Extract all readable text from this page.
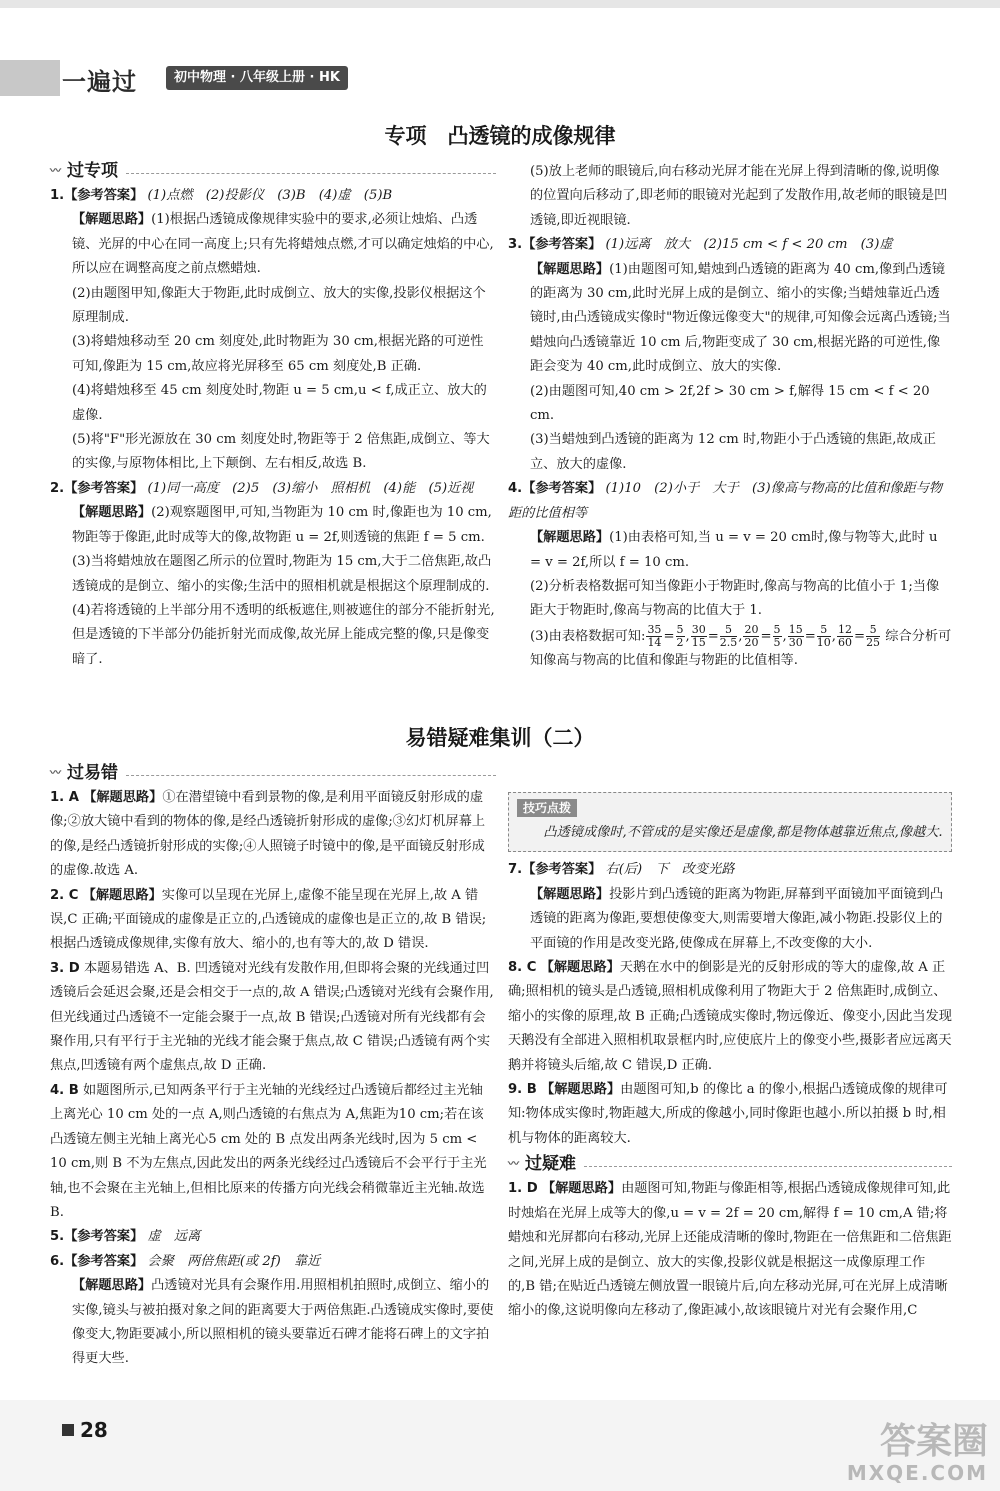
一遍过	初中物理 · 八年级上册 · HK
专项　凸透镜的成像规律
〰 过专项

1.【参考答案】 (1)点燃　(2)投影仪　(3)B　(4)虚　(5)B

【解题思路】(1)根据凸透镜成像规律实验中的要求,必须让烛焰、凸透镜、光屏的中心在同一高度上;只有先将蜡烛点燃,才可以确定烛焰的中心,所以应在调整高度之前点燃蜡烛.

(2)由题图甲知,像距大于物距,此时成倒立、放大的实像,投影仪根据这个原理制成.

(3)将蜡烛移动至 20 cm 刻度处,此时物距为 30 cm,根据光路的可逆性可知,像距为 15 cm,故应将光屏移至 65 cm 刻度处,B 正确.

(4)将蜡烛移至 45 cm 刻度处时,物距 u = 5 cm,u < f,成正立、放大的虚像.

(5)将"F"形光源放在 30 cm 刻度处时,物距等于 2 倍焦距,成倒立、等大的实像,与原物体相比,上下颠倒、左右相反,故选 B.

2.【参考答案】 (1)同一高度　(2)5　(3)缩小　照相机　(4)能　(5)近视

【解题思路】(2)观察题图甲,可知,当物距为 10 cm 时,像距也为 10 cm,物距等于像距,此时成等大的像,故物距 u = 2f,则透镜的焦距 f = 5 cm.

(3)当将蜡烛放在题图乙所示的位置时,物距为 15 cm,大于二倍焦距,故凸透镜成的是倒立、缩小的实像;生活中的照相机就是根据这个原理制成的.

(4)若将透镜的上半部分用不透明的纸板遮住,则被遮住的部分不能折射光,但是透镜的下半部分仍能折射光而成像,故光屏上能成完整的像,只是像变暗了.

(5)放上老师的眼镜后,向右移动光屏才能在光屏上得到清晰的像,说明像的位置向后移动了,即老师的眼镜对光起到了发散作用,故老师的眼镜是凹透镜,即近视眼镜.

3.【参考答案】 (1)远离　放大　(2)15 cm < f < 20 cm　(3)虚

【解题思路】(1)由题图可知,蜡烛到凸透镜的距离为 40 cm,像到凸透镜的距离为 30 cm,此时光屏上成的是倒立、缩小的实像;当蜡烛靠近凸透镜时,由凸透镜成实像时"物近像远像变大"的规律,可知像会远离凸透镜;当蜡烛向凸透镜靠近 10 cm 后,物距变成了 30 cm,根据光路的可逆性,像距会变为 40 cm,此时成倒立、放大的实像.

(2)由题图可知,40 cm > 2f,2f > 30 cm > f,解得 15 cm < f < 20 cm.

(3)当蜡烛到凸透镜的距离为 12 cm 时,物距小于凸透镜的焦距,故成正立、放大的虚像.

4.【参考答案】 (1)10　(2)小于　大于　(3)像高与物高的比值和像距与物距的比值相等

【解题思路】(1)由表格可知,当 u = v = 20 cm时,像与物等大,此时 u = v = 2f,所以 f = 10 cm.

(2)分析表格数据可知当像距小于物距时,像高与物高的比值小于 1;当像距大于物距时,像高与物高的比值大于 1.

(3)由表格数据可知: $\frac{35}{14} = \frac{5}{2}$ , $\frac{30}{15} = \frac{5}{2.5}$ , $\frac{20}{20} = \frac{5}{5}$ , $\frac{15}{30} = \frac{5}{10}$ , $\frac{12}{60} = \frac{5}{25}$ 综合分析可知像高与物高的比值和像距与物距的比值相等.

易错疑难集训（二）
〰 过易错

1. A 【解题思路】①在潜望镜中看到景物的像,是利用平面镜反射形成的虚像;②放大镜中看到的物体的像,是经凸透镜折射形成的虚像;③幻灯机屏幕上的像,是经凸透镜折射形成的实像;④人照镜子时镜中的像,是平面镜反射形成的虚像.故选 A.

2. C 【解题思路】实像可以呈现在光屏上,虚像不能呈现在光屏上,故 A 错误,C 正确;平面镜成的虚像是正立的,凸透镜成的虚像也是正立的,故 B 错误;根据凸透镜成像规律,实像有放大、缩小的,也有等大的,故 D 错误.

3. D 本题易错选 A、B. 凹透镜对光线有发散作用,但即将会聚的光线通过凹透镜后会延迟会聚,还是会相交于一点的,故 A 错误;凸透镜对光线有会聚作用,但光线通过凸透镜不一定能会聚于一点,故 B 错误;凸透镜对所有光线都有会聚作用,只有平行于主光轴的光线才能会聚于焦点,故 C 错误;凸透镜有两个实焦点,凹透镜有两个虚焦点,故 D 正确.

4. B 如题图所示,已知两条平行于主光轴的光线经过凸透镜后都经过主光轴上离光心 10 cm 处的一点 A,则凸透镜的右焦点为 A,焦距为10 cm;若在该凸透镜左侧主光轴上离光心5 cm 处的 B 点发出两条光线时,因为 5 cm < 10 cm,则 B 不为左焦点,因此发出的两条光线经过凸透镜后不会平行于主光轴,也不会聚在主光轴上,但相比原来的传播方向光线会稍微靠近主光轴.故选 B.

5.【参考答案】 虚　远离

6.【参考答案】 会聚　两倍焦距(或 2f)　靠近

【解题思路】凸透镜对光具有会聚作用.用照相机拍照时,成倒立、缩小的实像,镜头与被拍摄对象之间的距离要大于两倍焦距.凸透镜成实像时,要使像变大,物距要减小,所以照相机的镜头要靠近石碑才能将石碑上的文字拍得更大些.

技巧点拨

凸透镜成像时,不管成的是实像还是虚像,都是物体越靠近焦点,像越大.

7.【参考答案】 右(后)　下　改变光路

【解题思路】投影片到凸透镜的距离为物距,屏幕到平面镜加平面镜到凸透镜的距离为像距,要想使像变大,则需要增大像距,减小物距.投影仪上的平面镜的作用是改变光路,使像成在屏幕上,不改变像的大小.

8. C 【解题思路】天鹅在水中的倒影是光的反射形成的等大的虚像,故 A 正确;照相机的镜头是凸透镜,照相机成像利用了物距大于 2 倍焦距时,成倒立、缩小的实像的原理,故 B 正确;凸透镜成实像时,物远像近、像变小,因此当发现天鹅没有全部进入照相机取景框内时,应使底片上的像变小些,摄影者应远离天鹅并将镜头后缩,故 C 错误,D 正确.

9. B 【解题思路】由题图可知,b 的像比 a 的像小,根据凸透镜成像的规律可知:物体成实像时,物距越大,所成的像越小,同时像距也越小.所以拍摄 b 时,相机与物体的距离较大.

〰 过疑难

1. D 【解题思路】由题图可知,物距与像距相等,根据凸透镜成像规律可知,此时烛焰在光屏上成等大的像,u = v = 2f = 20 cm,解得 f = 10 cm,A 错;将蜡烛和光屏都向右移动,光屏上还能成清晰的像时,物距在一倍焦距和二倍焦距之间,光屏上成的是倒立、放大的实像,投影仪就是根据这一成像原理工作的,B 错;在贴近凸透镜左侧放置一眼镜片后,向左移动光屏,可在光屏上成清晰缩小的像,这说明像向左移动了,像距减小,故该眼镜片对光有会聚作用,C

28	答案圈
MXQE.COM
